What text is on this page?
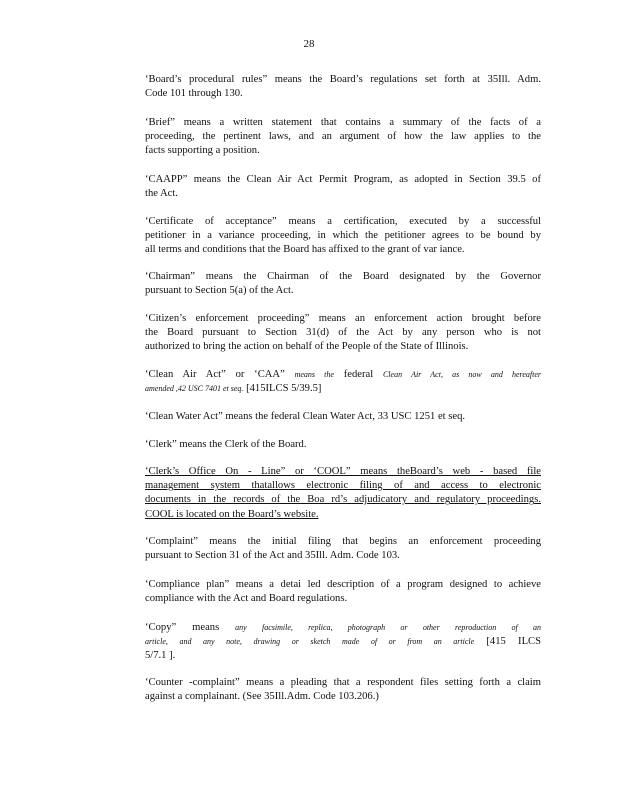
28

‘Board’s procedural rules” means the Board’s regulations set forth at 35Ill. Adm.
Code 101 through 130.

‘Brief” means a written statement that contains a summary of the facts of a
proceeding, the pertinent laws, and an argument of how the law applies to the
facts supporting a position.

‘CAAPP” means the Clean Air Act Permit Program, as adopted in Section 39.5 of
the Act.

‘Certificate of acceptance” means a certification, executed by a successful
petitioner in a variance proceeding, in which the petitioner agrees to be bound by
all terms and conditions that the Board has affixed to the grant of var iance.

‘Chairman” means the Chairman of the Board designated by the Governor
pursuant to Section 5(a) of the Act.

‘Citizen’s enforcement proceeding” means an enforcement action brought before
the Board pursuant to Section 31(d) of the Act by any person who is not
authorized to bring the action on behalf of the People of the State of Illinois.

‘Clean Air Act” or ‘CAA” means the federal Clean Air Act, as now and hereafter
amended ,42 USC 7401 et seq. [415ILCS 5/39.5]

‘Clean Water Act” means the federal Clean Water Act, 33 USC 1251 et seq.

‘Clerk” means the Clerk of the Board.

‘Clerk’s Office On - Line” or ‘COOL” means theBoard’s web - based file
management system thatallows electronic filing of and access to electronic
documents in the records of the Boa rd’s adjudicatory and regulatory proceedings.
COOL is located on the Board’s website.

‘Complaint” means the initial filing that begins an enforcement proceeding
pursuant to Section 31 of the Act and 35Ill. Adm. Code 103.

‘Compliance plan” means a detai led description of a program designed to achieve
compliance with the Act and Board regulations.

‘Copy” means any facsimile, replica, photograph or other reproduction of an
article, and any note, drawing or sketch made of or from an article [415 ILCS
5/7.1 ].

‘Counter -complaint” means a pleading that a respondent files setting forth a claim
against a complainant. (See 35Ill.Adm. Code 103.206.)
